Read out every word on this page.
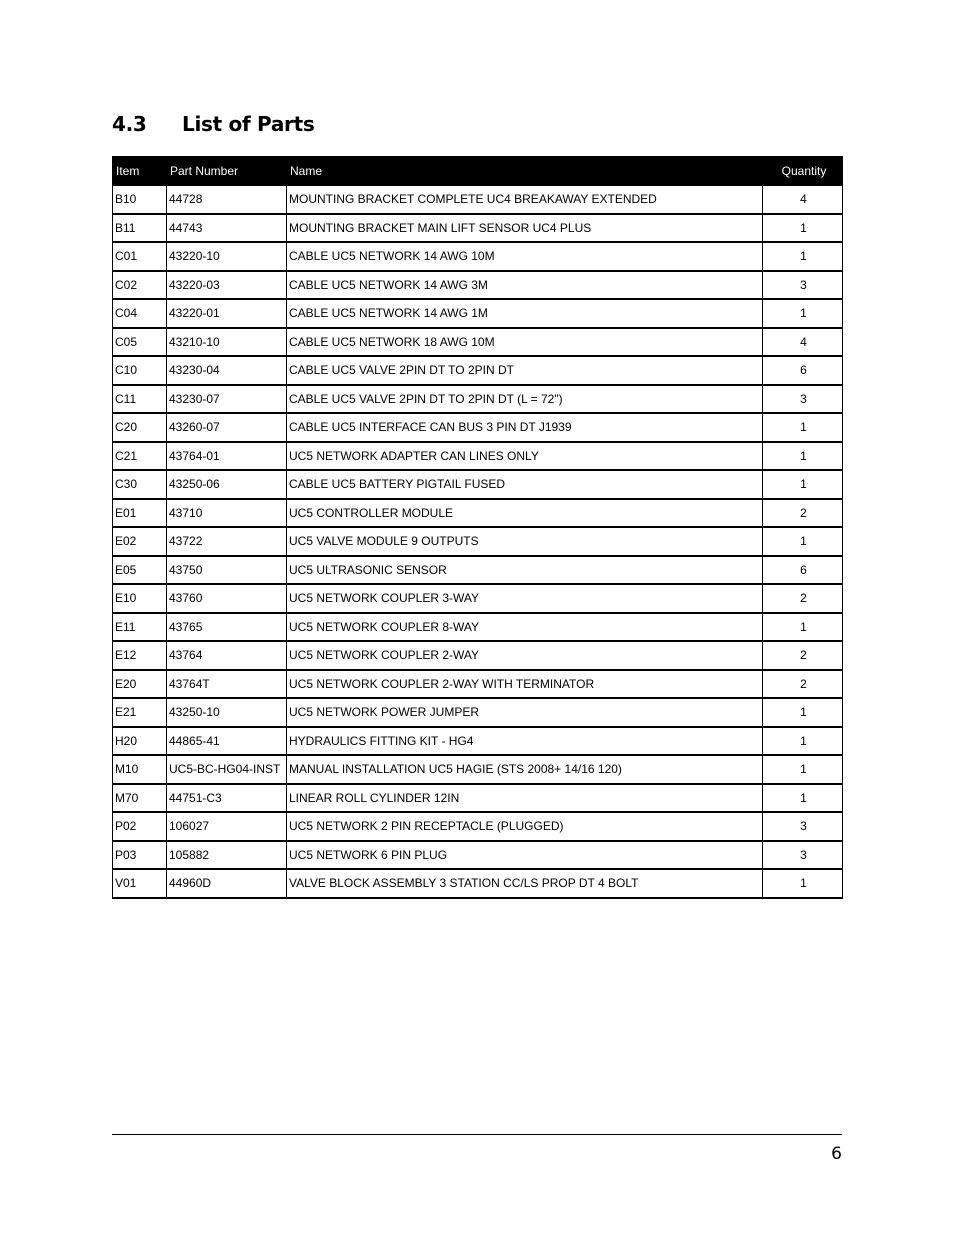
4.3	List of Parts
Item	Part Number	Name	Quantity
B10	44728	MOUNTING BRACKET COMPLETE UC4 BREAKAWAY EXTENDED	4
B11	44743	MOUNTING BRACKET MAIN LIFT SENSOR UC4 PLUS	1
C01	43220-10	CABLE UC5 NETWORK 14 AWG 10M	1
C02	43220-03	CABLE UC5 NETWORK 14 AWG 3M	3
C04	43220-01	CABLE UC5 NETWORK 14 AWG 1M	1
C05	43210-10	CABLE UC5 NETWORK 18 AWG 10M	4
C10	43230-04	CABLE UC5 VALVE 2PIN DT TO 2PIN DT	6
C11	43230-07	CABLE UC5 VALVE 2PIN DT TO 2PIN DT (L = 72")	3
C20	43260-07	CABLE UC5 INTERFACE CAN BUS 3 PIN DT J1939	1
C21	43764-01	UC5 NETWORK ADAPTER CAN LINES ONLY	1
C30	43250-06	CABLE UC5 BATTERY PIGTAIL FUSED	1
E01	43710	UC5 CONTROLLER MODULE	2
E02	43722	UC5 VALVE MODULE 9 OUTPUTS	1
E05	43750	UC5 ULTRASONIC SENSOR	6
E10	43760	UC5 NETWORK COUPLER 3-WAY	2
E11	43765	UC5 NETWORK COUPLER 8-WAY	1
E12	43764	UC5 NETWORK COUPLER 2-WAY	2
E20	43764T	UC5 NETWORK COUPLER 2-WAY WITH TERMINATOR	2
E21	43250-10	UC5 NETWORK POWER JUMPER	1
H20	44865-41	HYDRAULICS FITTING KIT - HG4	1
M10	UC5-BC-HG04-INST	MANUAL INSTALLATION UC5 HAGIE (STS 2008+ 14/16 120)	1
M70	44751-C3	LINEAR ROLL CYLINDER 12IN	1
P02	106027	UC5 NETWORK 2 PIN RECEPTACLE (PLUGGED)	3
P03	105882	UC5 NETWORK 6 PIN PLUG	3
V01	44960D	VALVE BLOCK ASSEMBLY 3 STATION CC/LS PROP DT 4 BOLT	1
6
